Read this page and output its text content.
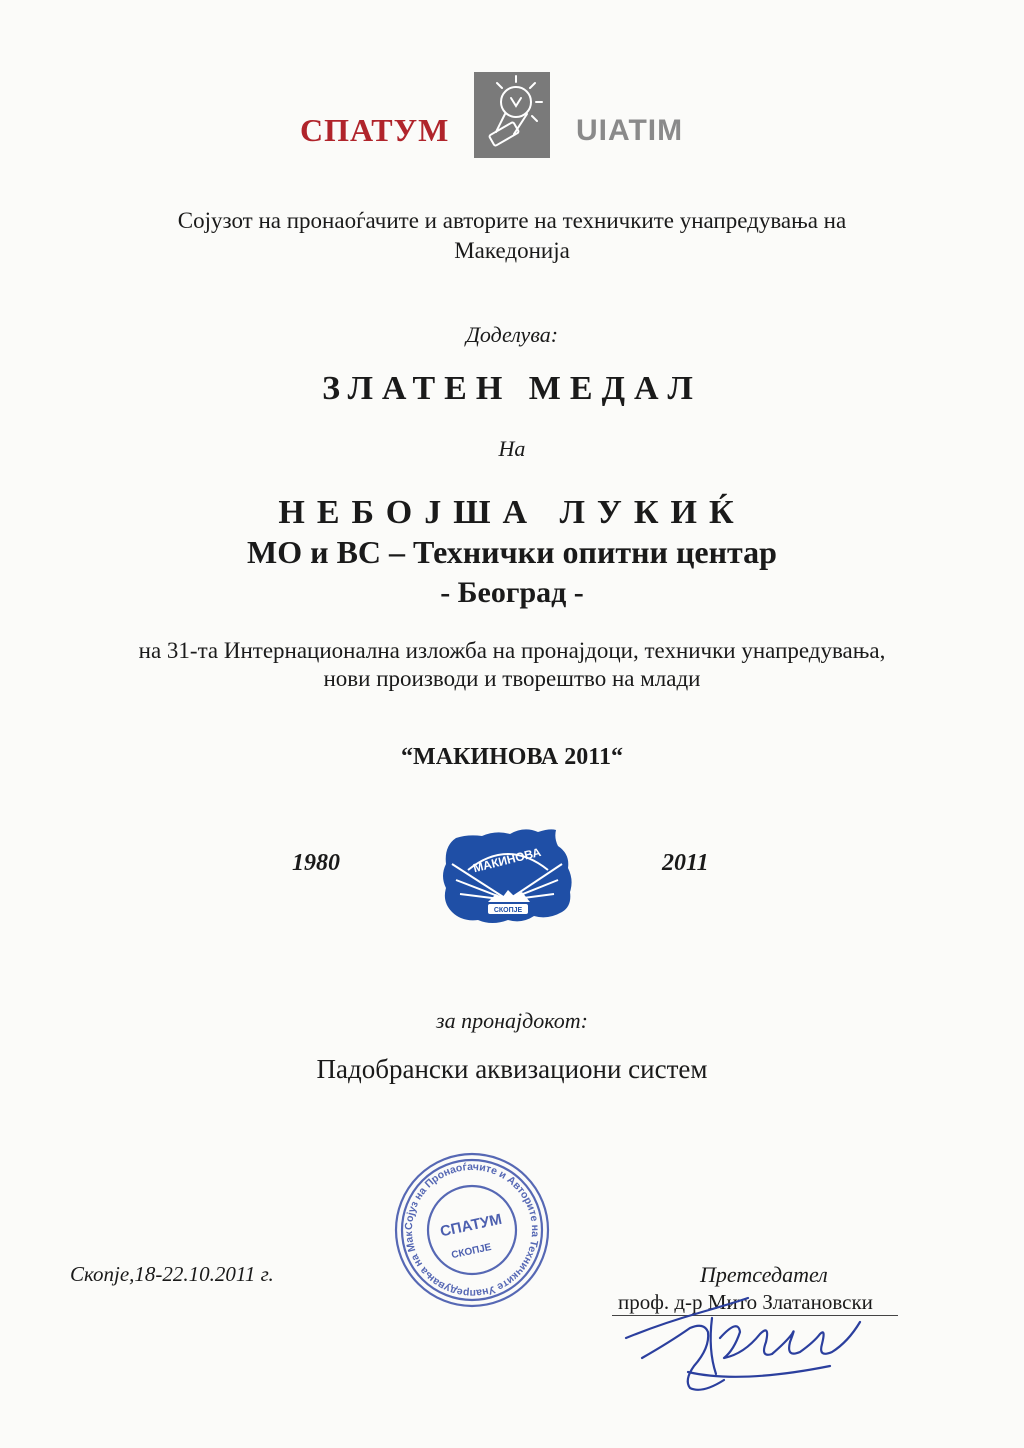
СПАТУМ	UIATIM
Сојузот на пронаоѓачите и авторите на техничките унапредувања на
Македонија
Доделува:
ЗЛАТЕН МЕДАЛ
На
НЕБОЈША ЛУКИЌ
МО и ВС – Технички опитни центар
- Београд -
на 31-та Интернационална изложба на пронајдоци, технички унапредувања,
нови производи и творештво на млади
“МАКИНОВА 2011“
1980	2011
МАКИНОВА
СКОПЈЕ
за пронајдокот:
Падобрански аквизациони систем
Сојуз на Пронаоѓачите и Авторите на Техничките Унапредувања на Мак	СПАТУМ
СКОПЈЕ
Скопје,18-22.10.2011 г.	Претседател
проф. д-р Мито Златановски
